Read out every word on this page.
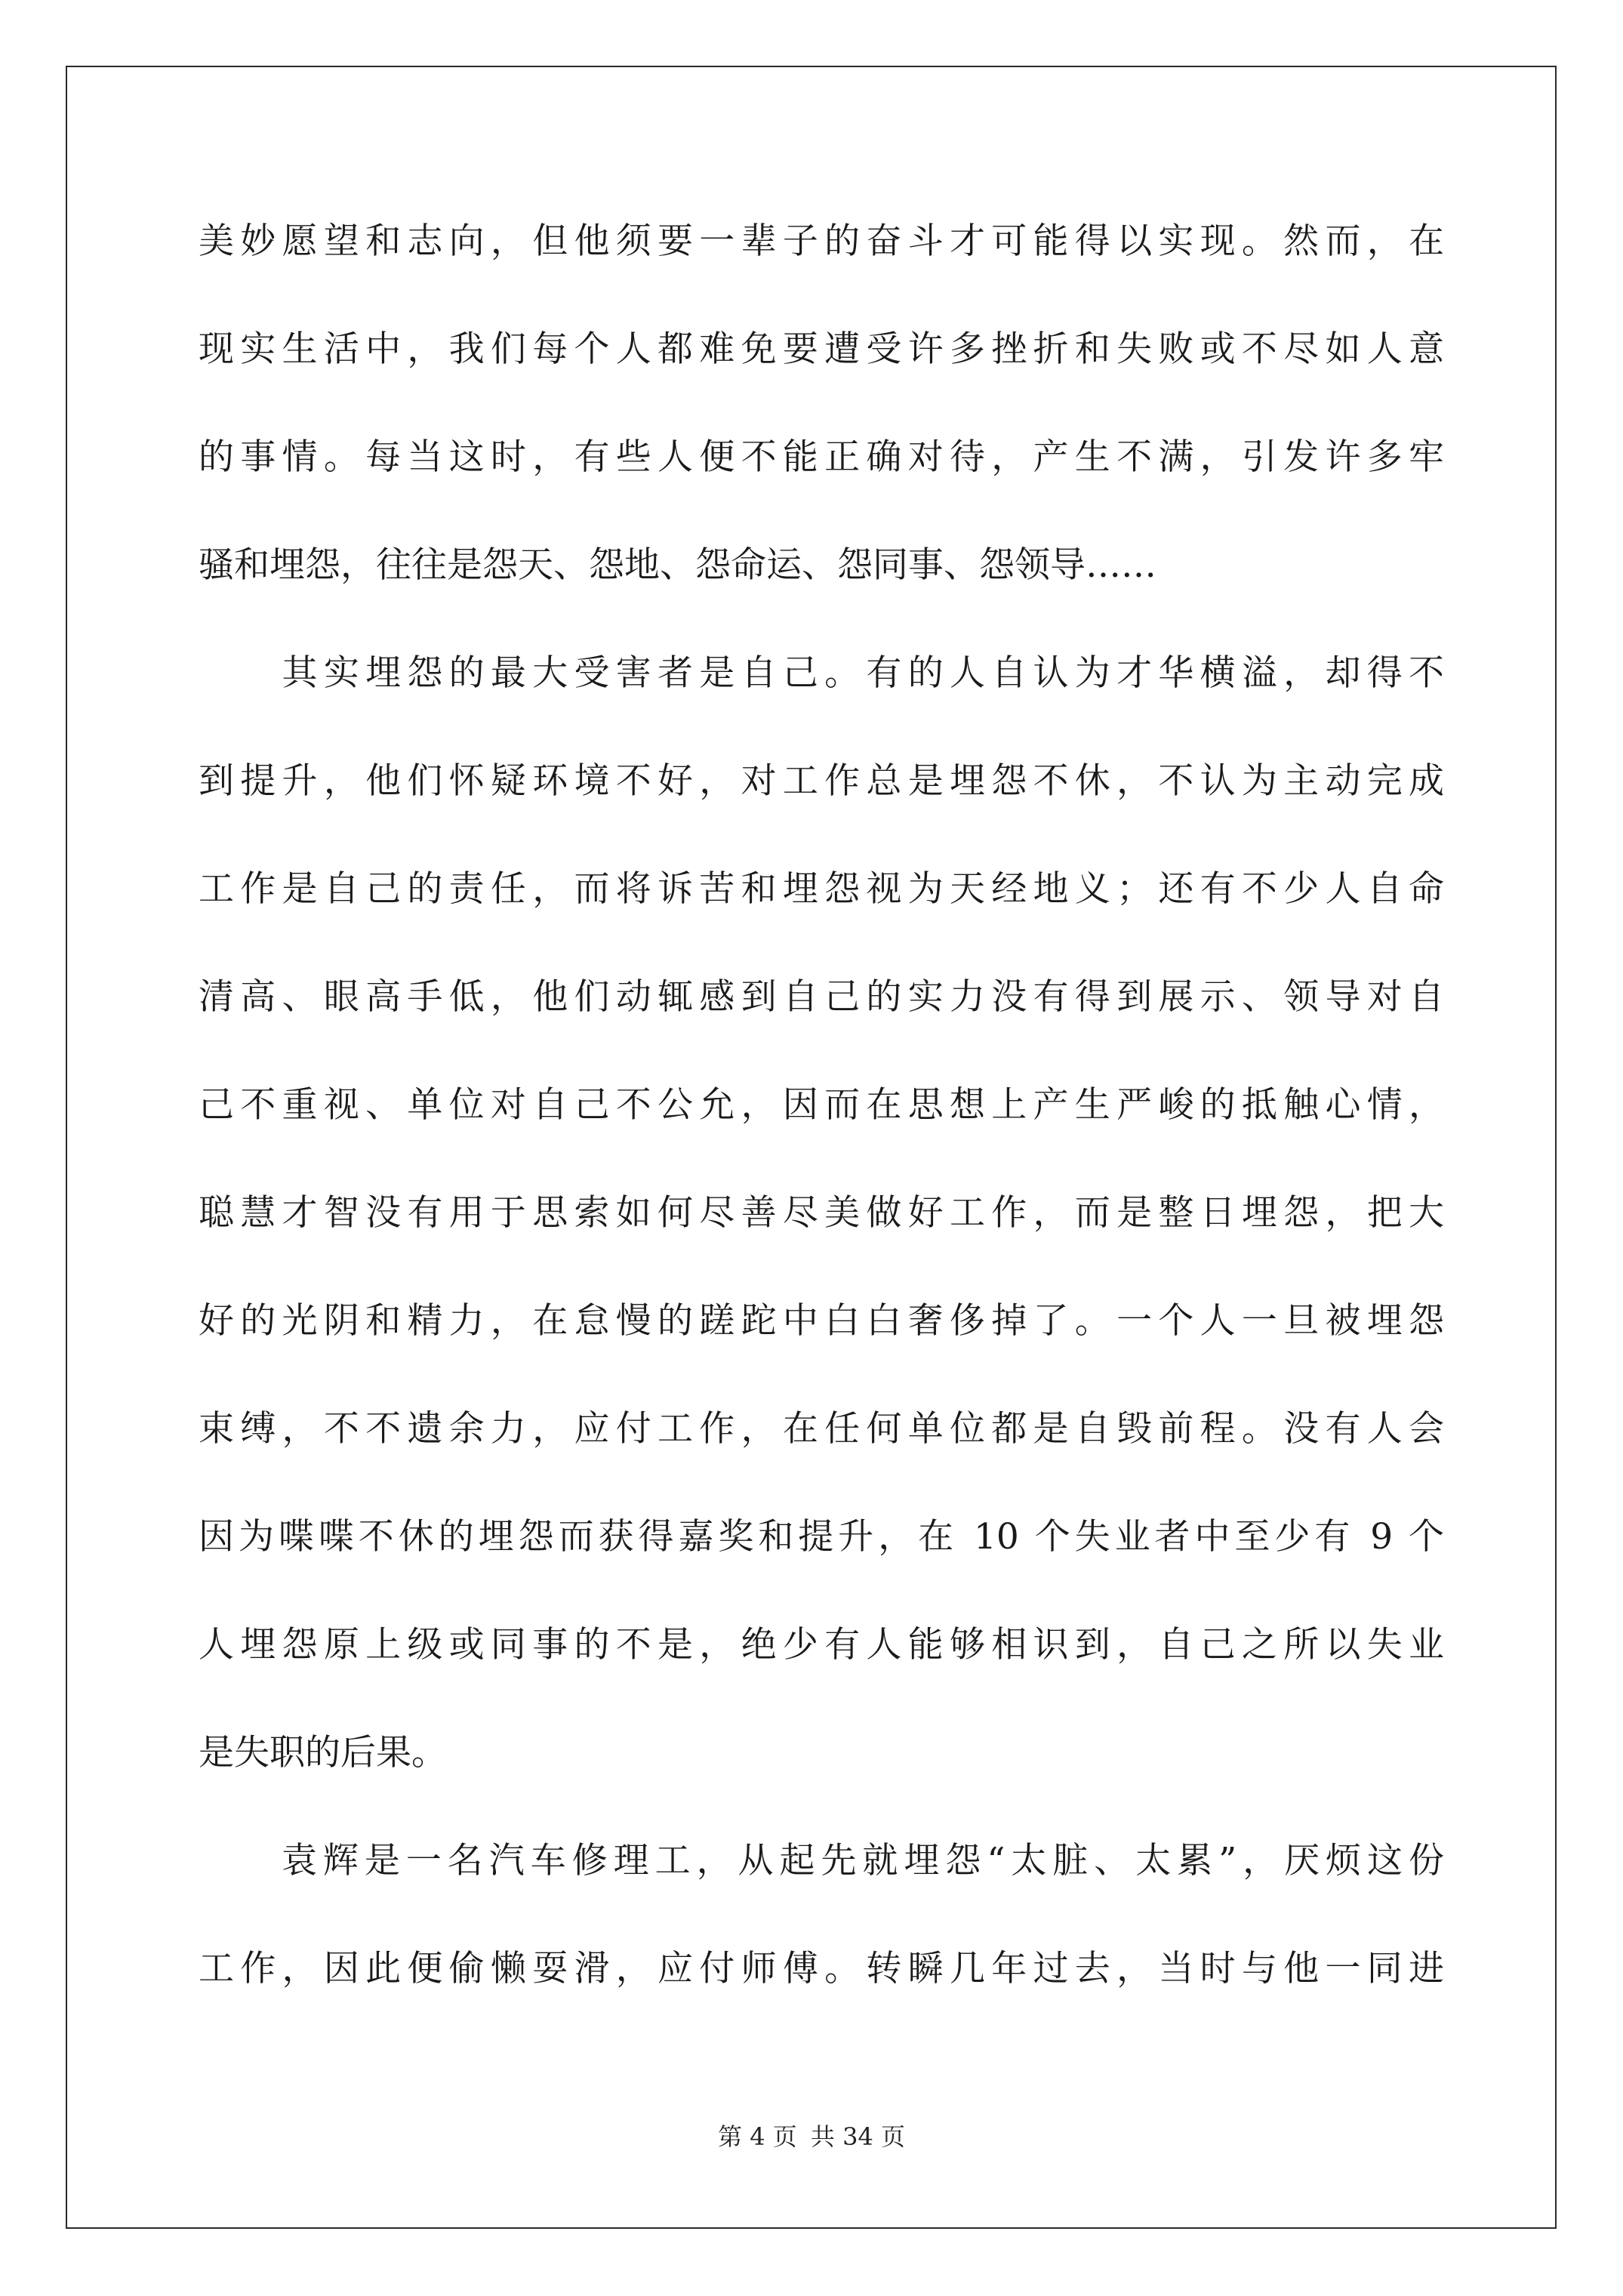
美妙愿望和志向，但他须要一辈子的奋斗才可能得以实现。然而，在
现实生活中，我们每个人都难免要遭受许多挫折和失败或不尽如人意
的事情。每当这时，有些人便不能正确对待，产生不满，引发许多牢
骚和埋怨，往往是怨天、怨地、怨命运、怨同事、怨领导……
　　其实埋怨的最大受害者是自己。有的人自认为才华横溢，却得不
到提升，他们怀疑环境不好，对工作总是埋怨不休，不认为主动完成
工作是自己的责任，而将诉苦和埋怨视为天经地义；还有不少人自命
清高、眼高手低，他们动辄感到自己的实力没有得到展示、领导对自
己不重视、单位对自己不公允，因而在思想上产生严峻的抵触心情，
聪慧才智没有用于思索如何尽善尽美做好工作，而是整日埋怨，把大
好的光阴和精力，在怠慢的蹉跎中白白奢侈掉了。一个人一旦被埋怨
束缚，不不遗余力，应付工作，在任何单位都是自毁前程。没有人会
因为喋喋不休的埋怨而获得嘉奖和提升，在 10 个失业者中至少有 9 个
人埋怨原上级或同事的不是，绝少有人能够相识到，自己之所以失业
是失职的后果。
　　袁辉是一名汽车修理工，从起先就埋怨“太脏、太累”，厌烦这份
工作，因此便偷懒耍滑，应付师傅。转瞬几年过去，当时与他一同进
第 4 页 共 34 页
